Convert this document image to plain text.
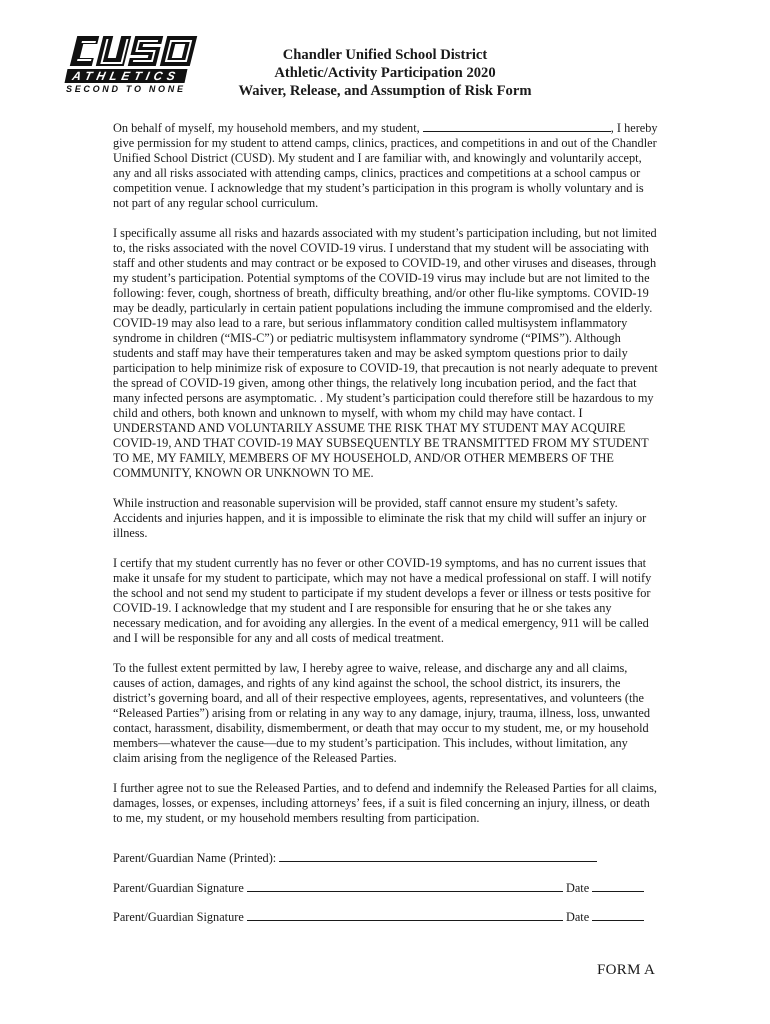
ATHLETICS
SECOND TO NONE
Chandler Unified School District
Athletic/Activity Participation 2020
Waiver, Release, and Assumption of Risk Form

On behalf of myself, my household members, and my student,	, I hereby give permission for my student to attend camps, clinics, practices, and competitions in and out of the Chandler Unified School District (CUSD). My student and I are familiar with, and knowingly and voluntarily accept, any and all risks associated with attending camps, clinics, practices and competitions at a school campus or competition venue. I acknowledge that my student’s participation in this program is wholly voluntary and is not part of any regular school curriculum.

I specifically assume all risks and hazards associated with my student’s participation including, but not limited to, the risks associated with the novel COVID-19 virus. I understand that my student will be associating with staff and other students and may contract or be exposed to COVID-19, and other viruses and diseases, through my student’s participation. Potential symptoms of the COVID-19 virus may include but are not limited to the following: fever, cough, shortness of breath, difficulty breathing, and/or other flu-like symptoms. COVID-19 may be deadly, particularly in certain patient populations including the immune compromised and the elderly. COVID-19 may also lead to a rare, but serious inflammatory condition called multisystem inflammatory syndrome in children (“MIS-C”) or pediatric multisystem inflammatory syndrome (“PIMS”). Although students and staff may have their temperatures taken and may be asked symptom questions prior to daily participation to help minimize risk of exposure to COVID-19, that precaution is not nearly adequate to prevent the spread of COVID-19 given, among other things, the relatively long incubation period, and the fact that many infected persons are asymptomatic. . My student’s participation could therefore still be hazardous to my child and others, both known and unknown to myself, with whom my child may have contact. I UNDERSTAND AND VOLUNTARILY ASSUME THE RISK THAT MY STUDENT MAY ACQUIRE COVID-19, AND THAT COVID-19 MAY SUBSEQUENTLY BE TRANSMITTED FROM MY STUDENT TO ME, MY FAMILY, MEMBERS OF MY HOUSEHOLD, AND/OR OTHER MEMBERS OF THE COMMUNITY, KNOWN OR UNKNOWN TO ME.

While instruction and reasonable supervision will be provided, staff cannot ensure my student’s safety. Accidents and injuries happen, and it is impossible to eliminate the risk that my child will suffer an injury or illness.

I certify that my student currently has no fever or other COVID-19 symptoms, and has no current issues that make it unsafe for my student to participate, which may not have a medical professional on staff. I will notify the school and not send my student to participate if my student develops a fever or illness or tests positive for COVID-19. I acknowledge that my student and I are responsible for ensuring that he or she takes any necessary medication, and for avoiding any allergies. In the event of a medical emergency, 911 will be called and I will be responsible for any and all costs of medical treatment.

To the fullest extent permitted by law, I hereby agree to waive, release, and discharge any and all claims, causes of action, damages, and rights of any kind against the school, the school district, its insurers, the district’s governing board, and all of their respective employees, agents, representatives, and volunteers (the “Released Parties”) arising from or relating in any way to any damage, injury, trauma, illness, loss, unwanted contact, harassment, disability, dismemberment, or death that may occur to my student, me, or my household members—whatever the cause—due to my student’s participation. This includes, without limitation, any claim arising from the negligence of the Released Parties.

I further agree not to sue the Released Parties, and to defend and indemnify the Released Parties for all claims, damages, losses, or expenses, including attorneys’ fees, if a suit is filed concerning an injury, illness, or death to me, my student, or my household members resulting from participation.

Parent/Guardian Name (Printed):
Parent/Guardian Signature	Date
Parent/Guardian Signature	Date
FORM A
